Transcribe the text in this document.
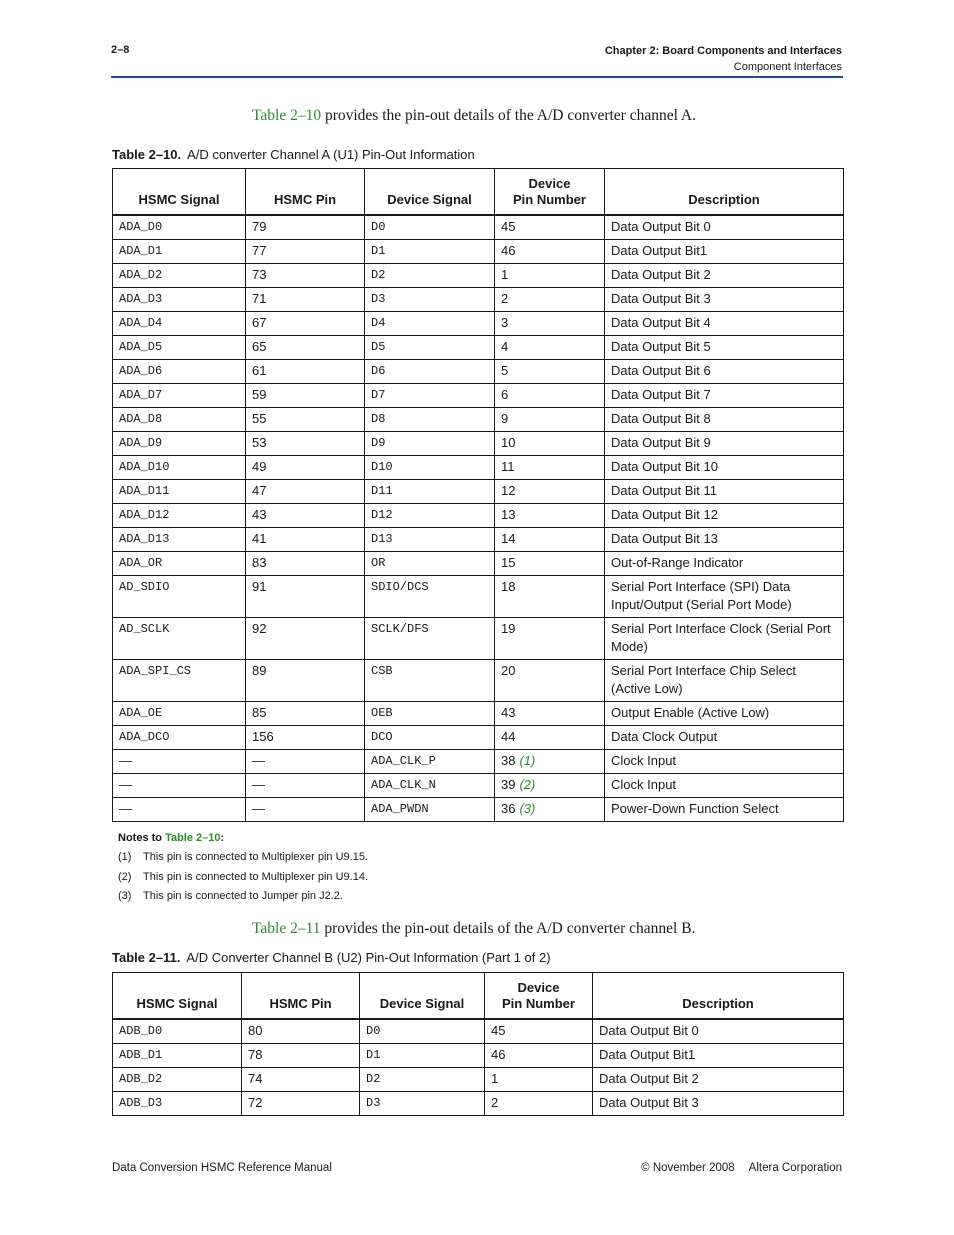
2–8	Chapter 2: Board Components and Interfaces
Component Interfaces
Table 2–10 provides the pin-out details of the A/D converter channel A.
Table 2–10. A/D converter Channel A (U1) Pin-Out Information
HSMC Signal	HSMC Pin	Device Signal	Device
Pin Number	Description
ADA_D0	79	D0	45	Data Output Bit 0
ADA_D1	77	D1	46	Data Output Bit1
ADA_D2	73	D2	1	Data Output Bit 2
ADA_D3	71	D3	2	Data Output Bit 3
ADA_D4	67	D4	3	Data Output Bit 4
ADA_D5	65	D5	4	Data Output Bit 5
ADA_D6	61	D6	5	Data Output Bit 6
ADA_D7	59	D7	6	Data Output Bit 7
ADA_D8	55	D8	9	Data Output Bit 8
ADA_D9	53	D9	10	Data Output Bit 9
ADA_D10	49	D10	11	Data Output Bit 10
ADA_D11	47	D11	12	Data Output Bit 11
ADA_D12	43	D12	13	Data Output Bit 12
ADA_D13	41	D13	14	Data Output Bit 13
ADA_OR	83	OR	15	Out-of-Range Indicator
AD_SDIO	91	SDIO/DCS	18	Serial Port Interface (SPI) Data Input/Output (Serial Port Mode)
AD_SCLK	92	SCLK/DFS	19	Serial Port Interface Clock (Serial Port Mode)
ADA_SPI_CS	89	CSB	20	Serial Port Interface Chip Select (Active Low)
ADA_OE	85	OEB	43	Output Enable (Active Low)
ADA_DCO	156	DCO	44	Data Clock Output
—	—	ADA_CLK_P	38 (1)	Clock Input
—	—	ADA_CLK_N	39 (2)	Clock Input
—	—	ADA_PWDN	36 (3)	Power-Down Function Select
Notes to Table 2–10:
(1) This pin is connected to Multiplexer pin U9.15.
(2) This pin is connected to Multiplexer pin U9.14.
(3) This pin is connected to Jumper pin J2.2.
Table 2–11 provides the pin-out details of the A/D converter channel B.
Table 2–11. A/D Converter Channel B (U2) Pin-Out Information (Part 1 of 2)
HSMC Signal	HSMC Pin	Device Signal	Device
Pin Number	Description
ADB_D0	80	D0	45	Data Output Bit 0
ADB_D1	78	D1	46	Data Output Bit1
ADB_D2	74	D2	1	Data Output Bit 2
ADB_D3	72	D3	2	Data Output Bit 3
Data Conversion HSMC Reference Manual	© November 2008 Altera Corporation
